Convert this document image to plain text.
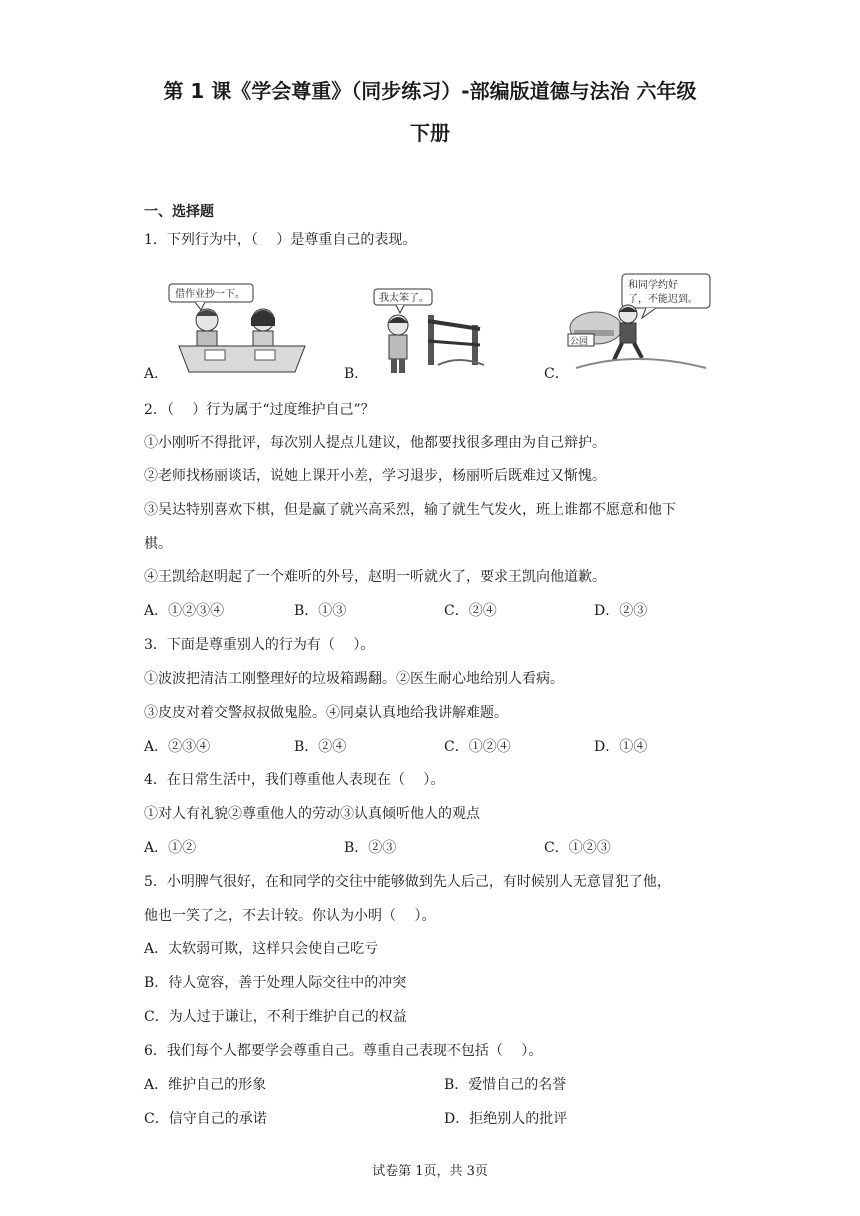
第 1 课《学会尊重》（同步练习）-部编版道德与法治 六年级
下册
一、选择题
1．下列行为中，（　 ）是尊重自己的表现。
借作业抄一下。
A．
我太笨了。
B．
和同学约好
了，不能迟到。
公园
C．
2．（　 ）行为属于“过度维护自己”？
①小刚听不得批评，每次别人提点儿建议，他都要找很多理由为自己辩护。
②老师找杨丽谈话，说她上课开小差，学习退步，杨丽听后既难过又惭愧。
③吴达特别喜欢下棋，但是赢了就兴高采烈，输了就生气发火，班上谁都不愿意和他下
棋。
④王凯给赵明起了一个难听的外号，赵明一听就火了，要求王凯向他道歉。
A．①②③④	B．①③	C．②④	D．②③
3．下面是尊重别人的行为有（　 ）。
①波波把清洁工刚整理好的垃圾箱踢翻。②医生耐心地给别人看病。
③皮皮对着交警叔叔做鬼脸。④同桌认真地给我讲解难题。
A．②③④	B．②④	C．①②④	D．①④
4．在日常生活中，我们尊重他人表现在（　 ）。
①对人有礼貌②尊重他人的劳动③认真倾听他人的观点
A．①②	B．②③	C．①②③
5．小明脾气很好，在和同学的交往中能够做到先人后己，有时候别人无意冒犯了他，
他也一笑了之，不去计较。你认为小明（　 ）。
A．太软弱可欺，这样只会使自己吃亏
B．待人宽容，善于处理人际交往中的冲突
C．为人过于谦让，不利于维护自己的权益
6．我们每个人都要学会尊重自己。尊重自己表现不包括（　 ）。
A．维护自己的形象	B．爱惜自己的名誉
C．信守自己的承诺	D．拒绝别人的批评
试卷第 1页，共 3页
